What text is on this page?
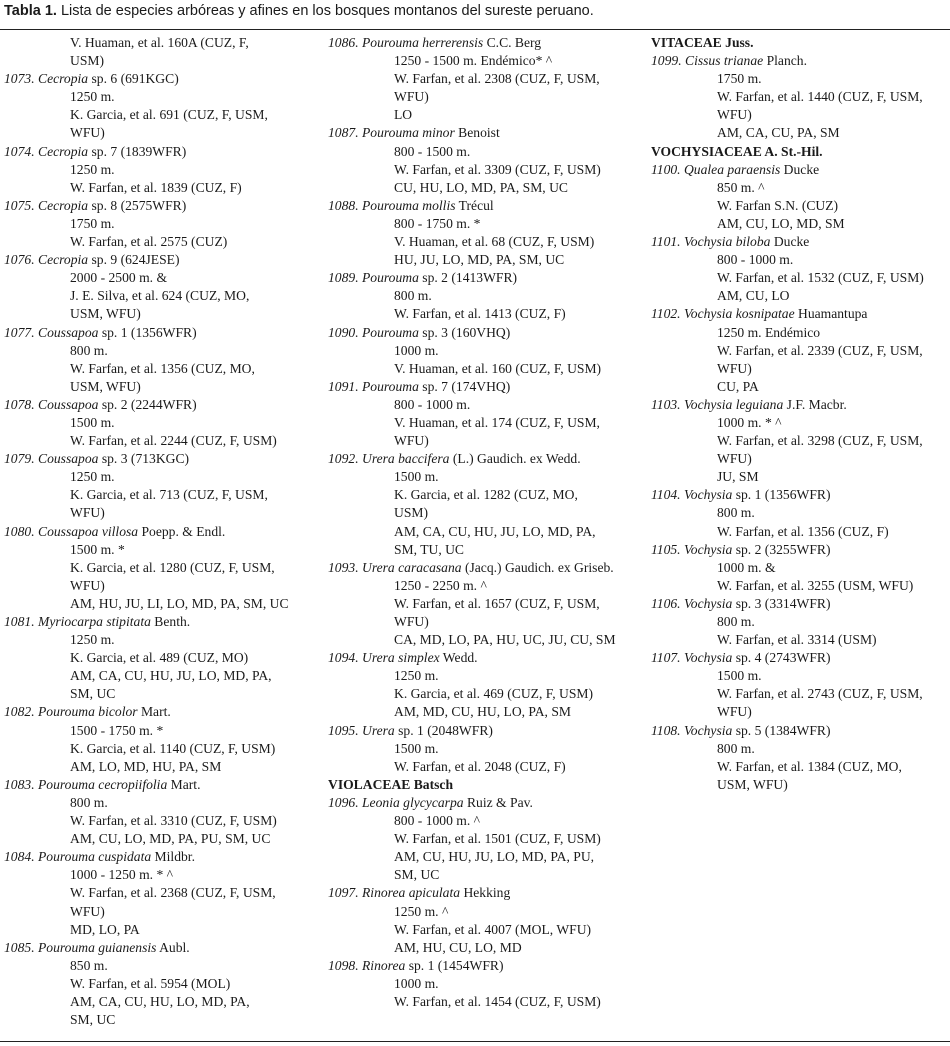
Tabla 1. Lista de especies arbóreas y afines en los bosques montanos del sureste peruano.
V. Huaman, et al. 160A (CUZ, F,
USM)
1073. Cecropia sp. 6 (691KGC)
1250 m.
K. Garcia, et al. 691 (CUZ, F, USM,
WFU)
1074. Cecropia sp. 7 (1839WFR)
1250 m.
W. Farfan, et al. 1839 (CUZ, F)
1075. Cecropia sp. 8 (2575WFR)
1750 m.
W. Farfan, et al. 2575 (CUZ)
1076. Cecropia sp. 9 (624JESE)
2000 - 2500 m. &
J. E. Silva, et al. 624 (CUZ, MO,
USM, WFU)
1077. Coussapoa sp. 1 (1356WFR)
800 m.
W. Farfan, et al. 1356 (CUZ, MO,
USM, WFU)
1078. Coussapoa sp. 2 (2244WFR)
1500 m.
W. Farfan, et al. 2244 (CUZ, F, USM)
1079. Coussapoa sp. 3 (713KGC)
1250 m.
K. Garcia, et al. 713 (CUZ, F, USM,
WFU)
1080. Coussapoa villosa Poepp. & Endl.
1500 m. *
K. Garcia, et al. 1280 (CUZ, F, USM,
WFU)
AM, HU, JU, LI, LO, MD, PA, SM, UC
1081. Myriocarpa stipitata Benth.
1250 m.
K. Garcia, et al. 489 (CUZ, MO)
AM, CA, CU, HU, JU, LO, MD, PA,
SM, UC
1082. Pourouma bicolor Mart.
1500 - 1750 m. *
K. Garcia, et al. 1140 (CUZ, F, USM)
AM, LO, MD, HU, PA, SM
1083. Pourouma cecropiifolia Mart.
800 m.
W. Farfan, et al. 3310 (CUZ, F, USM)
AM, CU, LO, MD, PA, PU, SM, UC
1084. Pourouma cuspidata Mildbr.
1000 - 1250 m. * ^
W. Farfan, et al. 2368 (CUZ, F, USM,
WFU)
MD, LO, PA
1085. Pourouma guianensis Aubl.
850 m.
W. Farfan, et al. 5954 (MOL)
AM, CA, CU, HU, LO, MD, PA,
SM, UC
1086. Pourouma herrerensis C.C. Berg
1250 - 1500 m. Endémico* ^
W. Farfan, et al. 2308 (CUZ, F, USM,
WFU)
LO
1087. Pourouma minor Benoist
800 - 1500 m.
W. Farfan, et al. 3309 (CUZ, F, USM)
CU, HU, LO, MD, PA, SM, UC
1088. Pourouma mollis Trécul
800 - 1750 m. *
V. Huaman, et al. 68 (CUZ, F, USM)
HU, JU, LO, MD, PA, SM, UC
1089. Pourouma sp. 2 (1413WFR)
800 m.
W. Farfan, et al. 1413 (CUZ, F)
1090. Pourouma sp. 3 (160VHQ)
1000 m.
V. Huaman, et al. 160 (CUZ, F, USM)
1091. Pourouma sp. 7 (174VHQ)
800 - 1000 m.
V. Huaman, et al. 174 (CUZ, F, USM,
WFU)
1092. Urera baccifera (L.) Gaudich. ex Wedd.
1500 m.
K. Garcia, et al. 1282 (CUZ, MO,
USM)
AM, CA, CU, HU, JU, LO, MD, PA,
SM, TU, UC
1093. Urera caracasana (Jacq.) Gaudich. ex Griseb.
1250 - 2250 m. ^
W. Farfan, et al. 1657 (CUZ, F, USM,
WFU)
CA, MD, LO, PA, HU, UC, JU, CU, SM
1094. Urera simplex Wedd.
1250 m.
K. Garcia, et al. 469 (CUZ, F, USM)
AM, MD, CU, HU, LO, PA, SM
1095. Urera sp. 1 (2048WFR)
1500 m.
W. Farfan, et al. 2048 (CUZ, F)
VIOLACEAE Batsch
1096. Leonia glycycarpa Ruiz & Pav.
800 - 1000 m. ^
W. Farfan, et al. 1501 (CUZ, F, USM)
AM, CU, HU, JU, LO, MD, PA, PU,
SM, UC
1097. Rinorea apiculata Hekking
1250 m. ^
W. Farfan, et al. 4007 (MOL, WFU)
AM, HU, CU, LO, MD
1098. Rinorea sp. 1 (1454WFR)
1000 m.
W. Farfan, et al. 1454 (CUZ, F, USM)
VITACEAE Juss.
1099. Cissus trianae Planch.
1750 m.
W. Farfan, et al. 1440 (CUZ, F, USM,
WFU)
AM, CA, CU, PA, SM
VOCHYSIACEAE A. St.-Hil.
1100. Qualea paraensis Ducke
850 m. ^
W. Farfan S.N. (CUZ)
AM, CU, LO, MD, SM
1101. Vochysia biloba Ducke
800 - 1000 m.
W. Farfan, et al. 1532 (CUZ, F, USM)
AM, CU, LO
1102. Vochysia kosnipatae Huamantupa
1250 m. Endémico
W. Farfan, et al. 2339 (CUZ, F, USM,
WFU)
CU, PA
1103. Vochysia leguiana J.F. Macbr.
1000 m. * ^
W. Farfan, et al. 3298 (CUZ, F, USM,
WFU)
JU, SM
1104. Vochysia sp. 1 (1356WFR)
800 m.
W. Farfan, et al. 1356 (CUZ, F)
1105. Vochysia sp. 2 (3255WFR)
1000 m. &
W. Farfan, et al. 3255 (USM, WFU)
1106. Vochysia sp. 3 (3314WFR)
800 m.
W. Farfan, et al. 3314 (USM)
1107. Vochysia sp. 4 (2743WFR)
1500 m.
W. Farfan, et al. 2743 (CUZ, F, USM,
WFU)
1108. Vochysia sp. 5 (1384WFR)
800 m.
W. Farfan, et al. 1384 (CUZ, MO,
USM, WFU)
